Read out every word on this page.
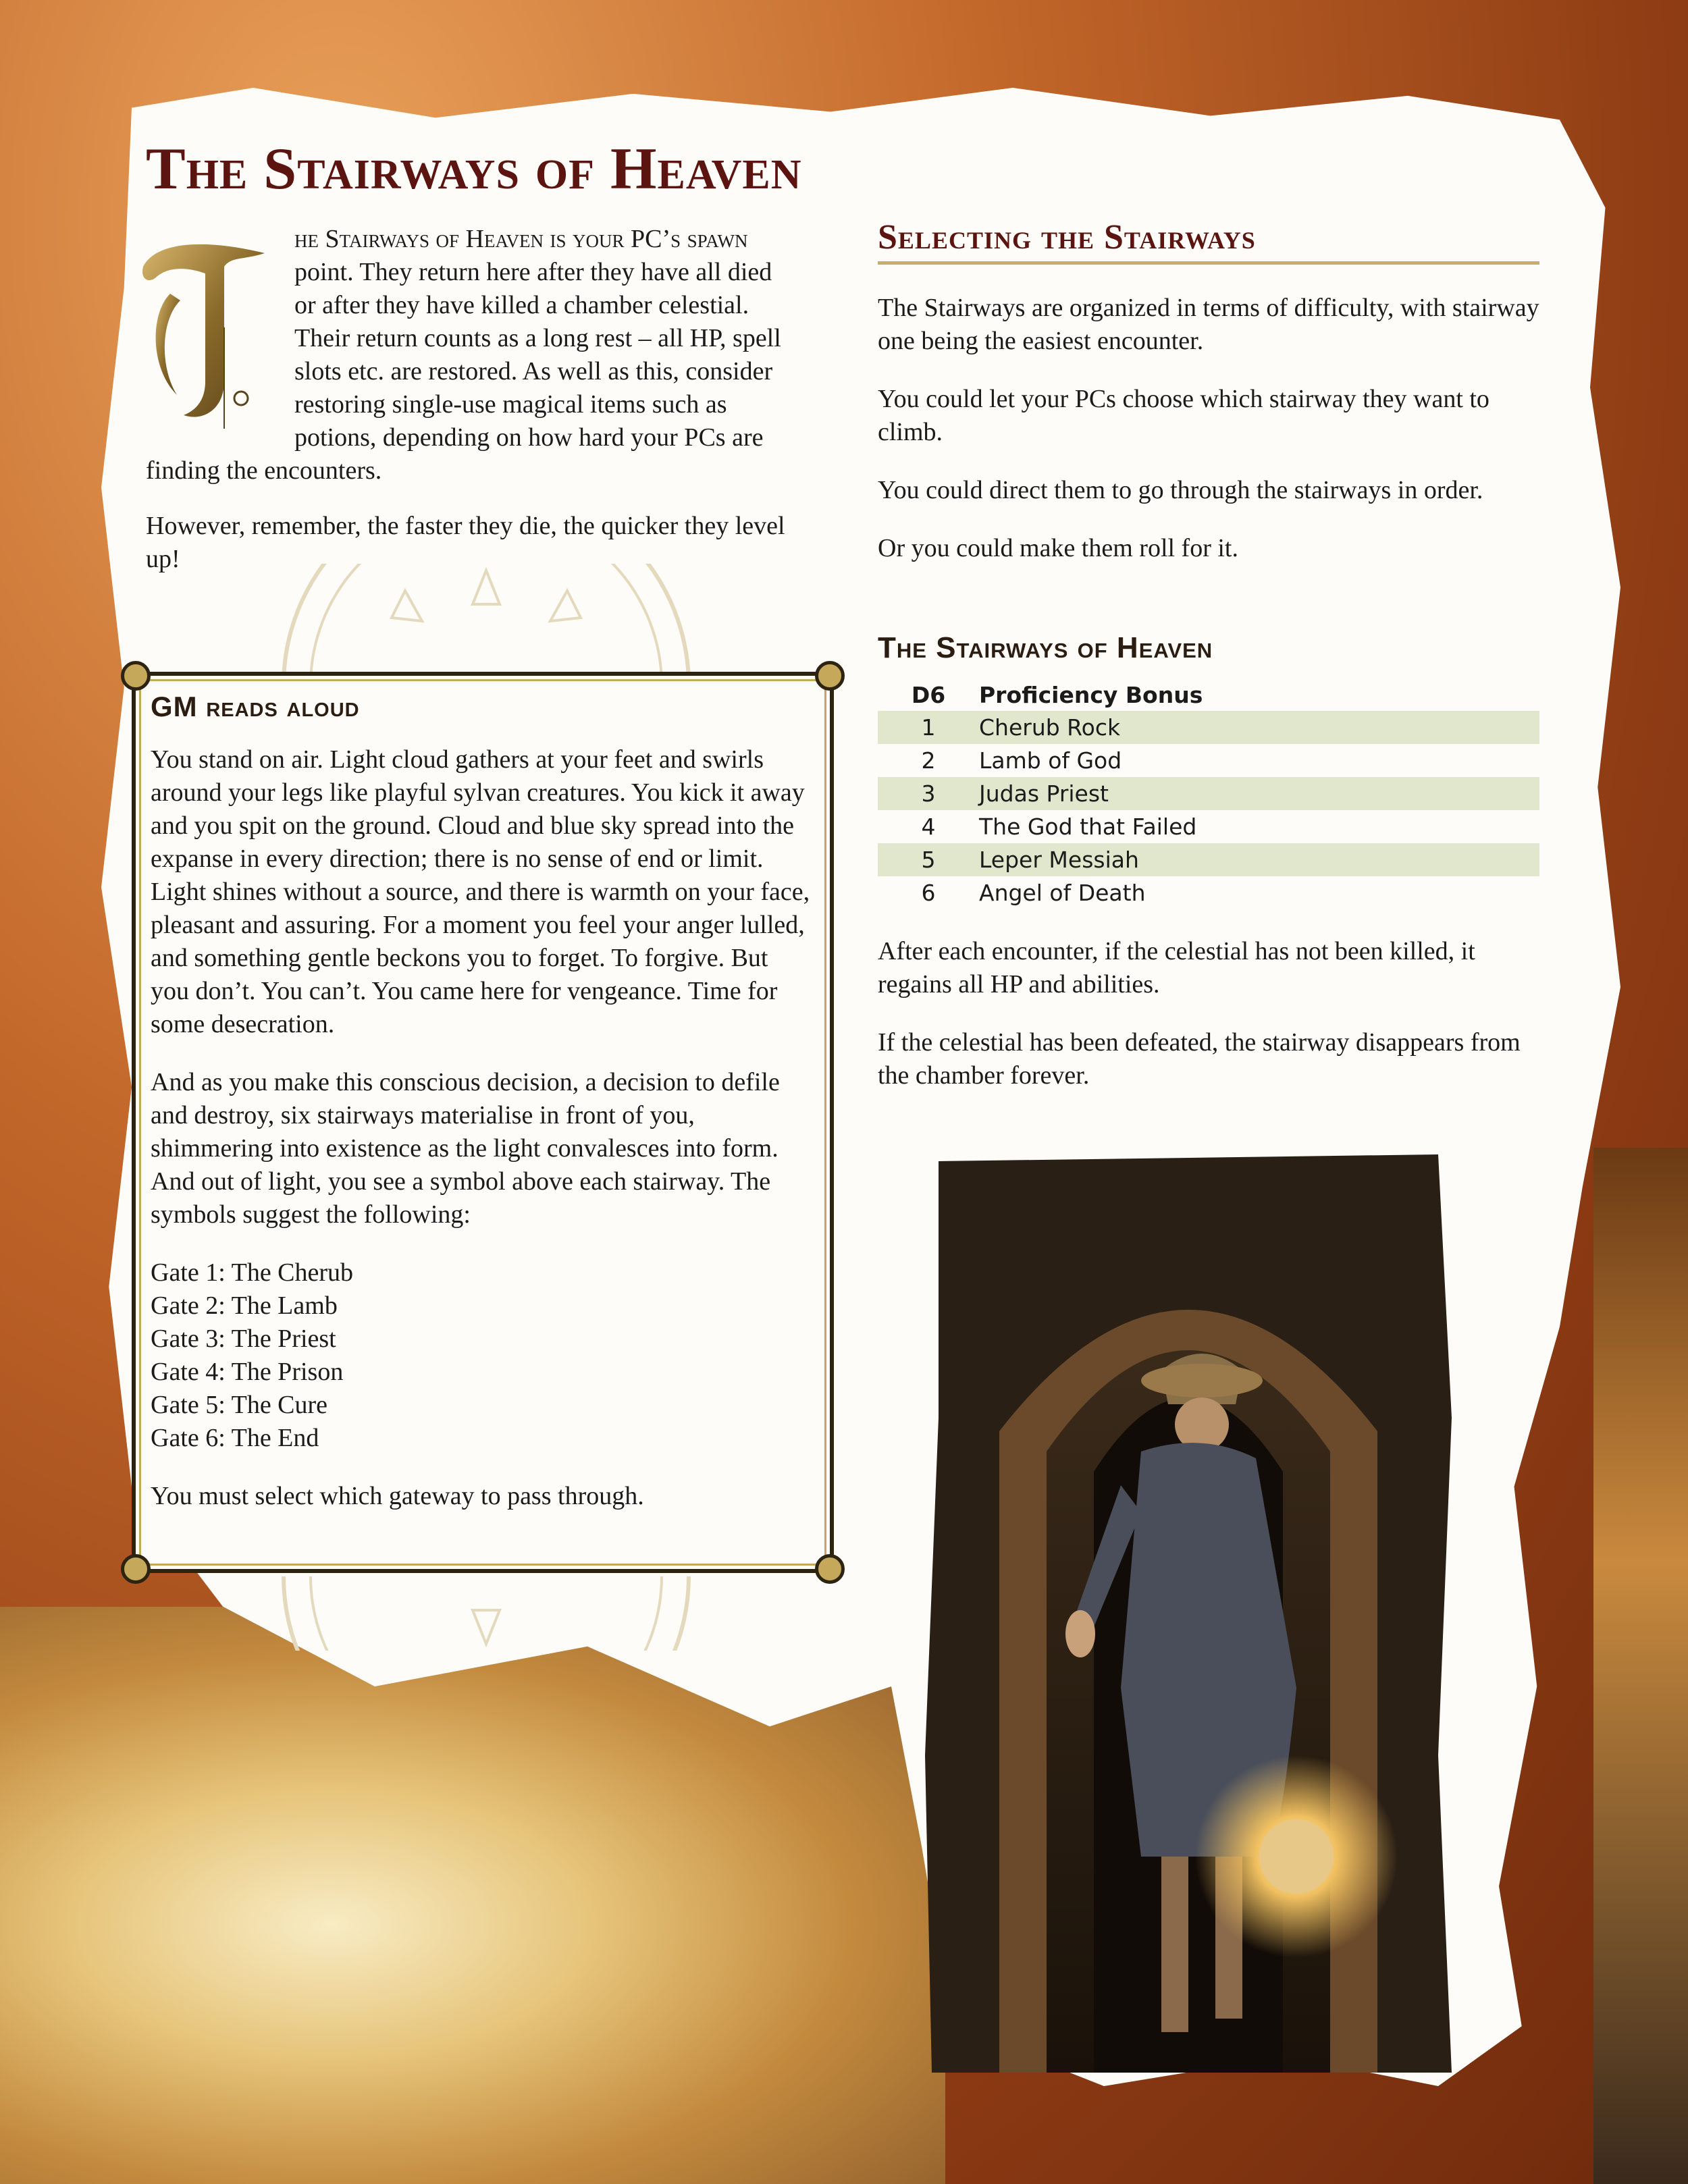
The Stairways of Heaven
he Stairways of Heaven is your PC’s spawn point. They return here after they have all died or after they have killed a chamber celestial. Their return counts as a long rest – all HP, spell slots etc. are restored. As well as this, consider restoring single-use magical items such as potions, depending on how hard your PCs are finding the encounters.
However, remember, the faster they die, the quicker they level up!
GM reads aloud

You stand on air. Light cloud gathers at your feet and swirls around your legs like playful sylvan creatures. You kick it away and you spit on the ground. Cloud and blue sky spread into the expanse in every direction; there is no sense of end or limit. Light shines without a source, and there is warmth on your face, pleasant and assuring. For a moment you feel your anger lulled, and something gentle beckons you to forget. To forgive. But you don’t. You can’t. You came here for vengeance. Time for some desecration.

And as you make this conscious decision, a decision to defile and destroy, six stairways materialise in front of you, shimmering into existence as the light convalesces into form. And out of light, you see a symbol above each stairway. The symbols suggest the following:

Gate 1: The Cherub
Gate 2: The Lamb
Gate 3: The Priest
Gate 4: The Prison
Gate 5: The Cure
Gate 6: The End

You must select which gateway to pass through.

Selecting the Stairways

The Stairways are organized in terms of difficulty, with stairway one being the easiest encounter.

You could let your PCs choose which stairway they want to climb.

You could direct them to go through the stairways in order.

Or you could make them roll for it.

The Stairways of Heaven
D6	Proficiency Bonus
1	Cherub Rock
2	Lamb of God
3	Judas Priest
4	The God that Failed
5	Leper Messiah
6	Angel of Death

After each encounter, if the celestial has not been killed, it regains all HP and abilities.

If the celestial has been defeated, the stairway disappears from the chamber forever.
